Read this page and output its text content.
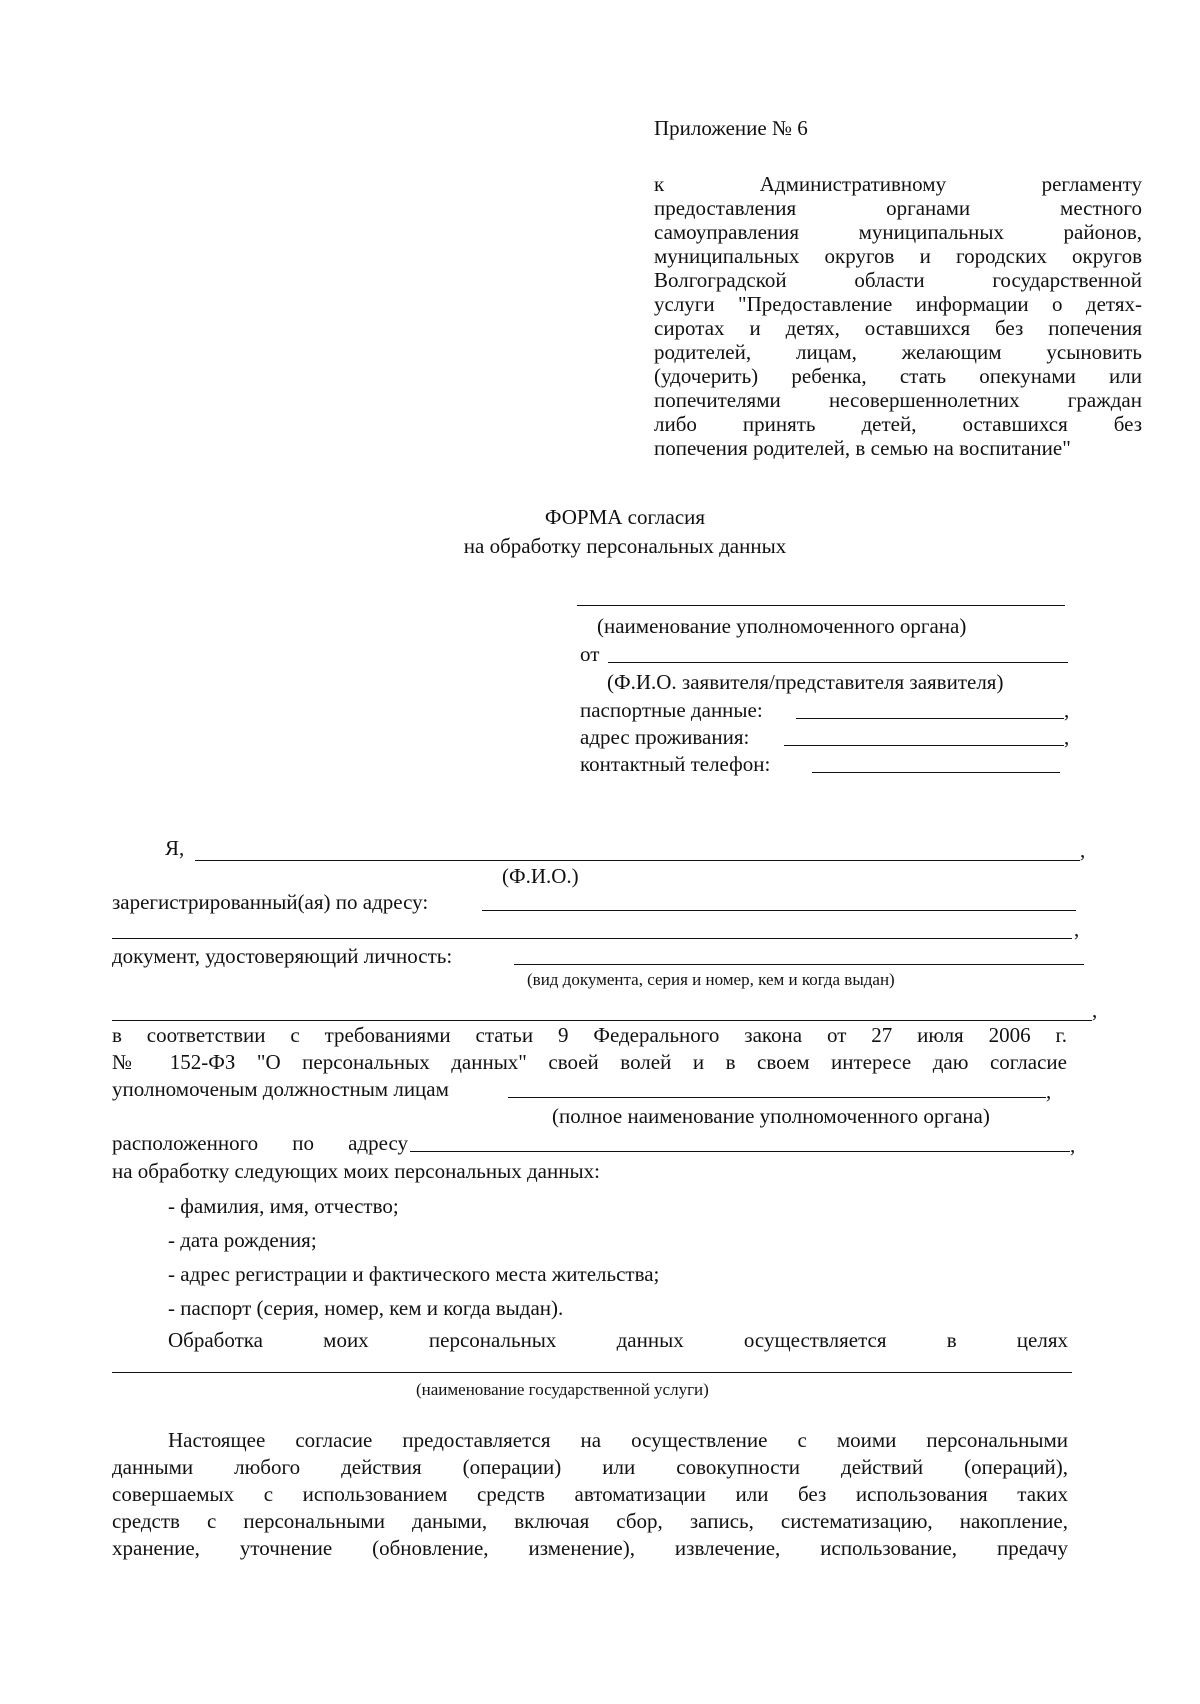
Приложение № 6
к Административному регламенту
предоставления органами местного
самоуправления муниципальных районов,
муниципальных округов и городских округов
Волгоградской области государственной
услуги "Предоставление информации о детях-
сиротах и детях, оставшихся без попечения
родителей, лицам, желающим усыновить
(удочерить) ребенка, стать опекунами или
попечителями несовершеннолетних граждан
либо принять детей, оставшихся без
попечения родителей, в семью на воспитание"
ФОРМА согласия
на обработку персональных данных
(наименование уполномоченного органа)
от
(Ф.И.О. заявителя/представителя заявителя)
паспортные данные:	,
адрес проживания:	,
контактный телефон:
Я,	,
(Ф.И.О.)
зарегистрированный(ая) по адресу:
,
документ, удостоверяющий личность:
(вид документа, серия и номер, кем и когда выдан)
,
в соответствии с требованиями статьи 9 Федерального закона от 27 июля 2006 г.
№ 152-ФЗ "О персональных данных" своей волей и в своем интересе даю согласие
уполномоченым должностным лицам	,
(полное наименование уполномоченного органа)
расположенного по адресу	,
на обработку следующих моих персональных данных:
- фамилия, имя, отчество;
- дата рождения;
- адрес регистрации и фактического места жительства;
- паспорт (серия, номер, кем и когда выдан).
Обработка моих персональных данных осуществляется в целях
(наименование государственной услуги)
Настоящее согласие предоставляется на осуществление с моими персональными
данными любого действия (операции) или совокупности действий (операций),
совершаемых с использованием средств автоматизации или без использования таких
средств с персональными даными, включая сбор, запись, систематизацию, накопление,
хранение, уточнение (обновление, изменение), извлечение, использование, предачу
